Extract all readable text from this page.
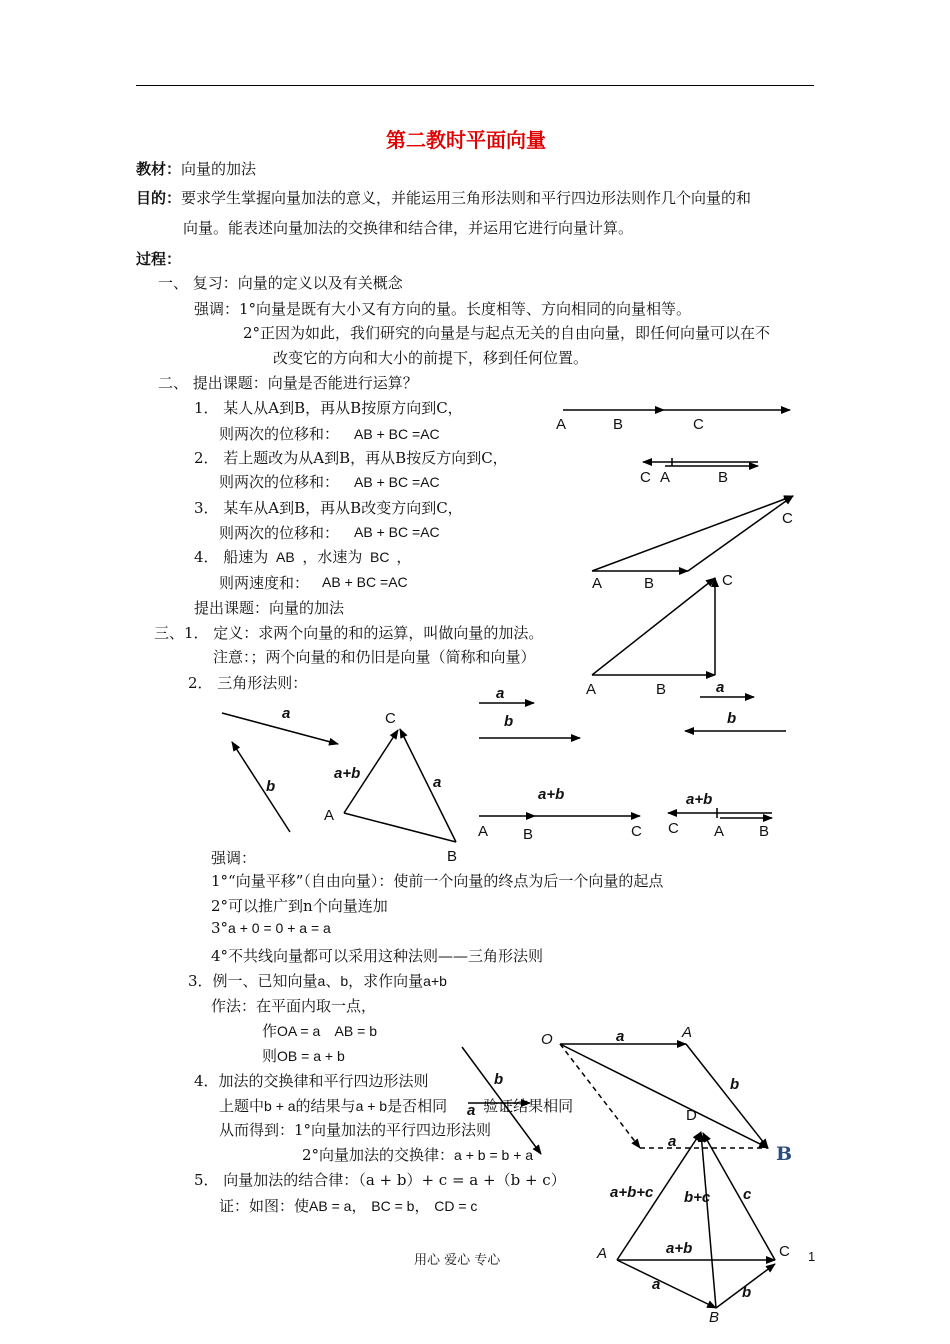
第二教时平面向量
教材：向量的加法
目的：要求学生掌握向量加法的意义，并能运用三角形法则和平行四边形法则作几个向量的和
向量。能表述向量加法的交换律和结合律，并运用它进行向量计算。
过程：
一、 复习：向量的定义以及有关概念
强调：1°向量是既有大小又有方向的量。长度相等、方向相同的向量相等。
2°正因为如此，我们研究的向量是与起点无关的自由向量，即任何向量可以在不
改变它的方向和大小的前提下，移到任何位置。
二、 提出课题：向量是否能进行运算？
1． 某人从A到B，再从B按原方向到C，
则两次的位移和：
2． 若上题改为从A到B，再从B按反方向到C，
则两次的位移和：
3． 某车从A到B，再从B改变方向到C，
则两次的位移和：
4． 船速为 ，水速为 ，
则两速度和：
提出课题：向量的加法
AB + BC =AC
AB + BC =AC
AB + BC =AC
AB	BC
AB + BC =AC
三、1． 定义：求两个向量的和的运算，叫做向量的加法。
注意：；两个向量的和仍旧是向量（简称和向量）
2． 三角形法则：
强调：
1°“向量平移”（自由向量）：使前一个向量的终点为后一个向量的起点
2°可以推广到n个向量连加
3°a + 0 = 0 + a = a
4°不共线向量都可以采用这种法则——三角形法则
3．例一、已知向量a、b，求作向量a+b
作法：在平面内取一点，
作OA = a AB = b
则OB = a + b
4．加法的交换律和平行四边形法则
上题中b + a的结果与a + b是否相同 验证结果相同
从而得到：1°向量加法的平行四边形法则
2°向量加法的交换律：a + b = b + a
5． 向量加法的结合律：（a + b）+ c = a +（b + c）
证：如图：使AB = a， BC = b， CD = c
用心 爱心 专心	1
A	B	C
C A	B
C
A	B	C
A	B
a
b
C
a+b
a
A
B
a
b
a+b
A B	C
a
b
a+b
C A B
b
a
O	a	A
b
D
a
B
a+b+c b+c c
a+b
A	C
a	b
B
